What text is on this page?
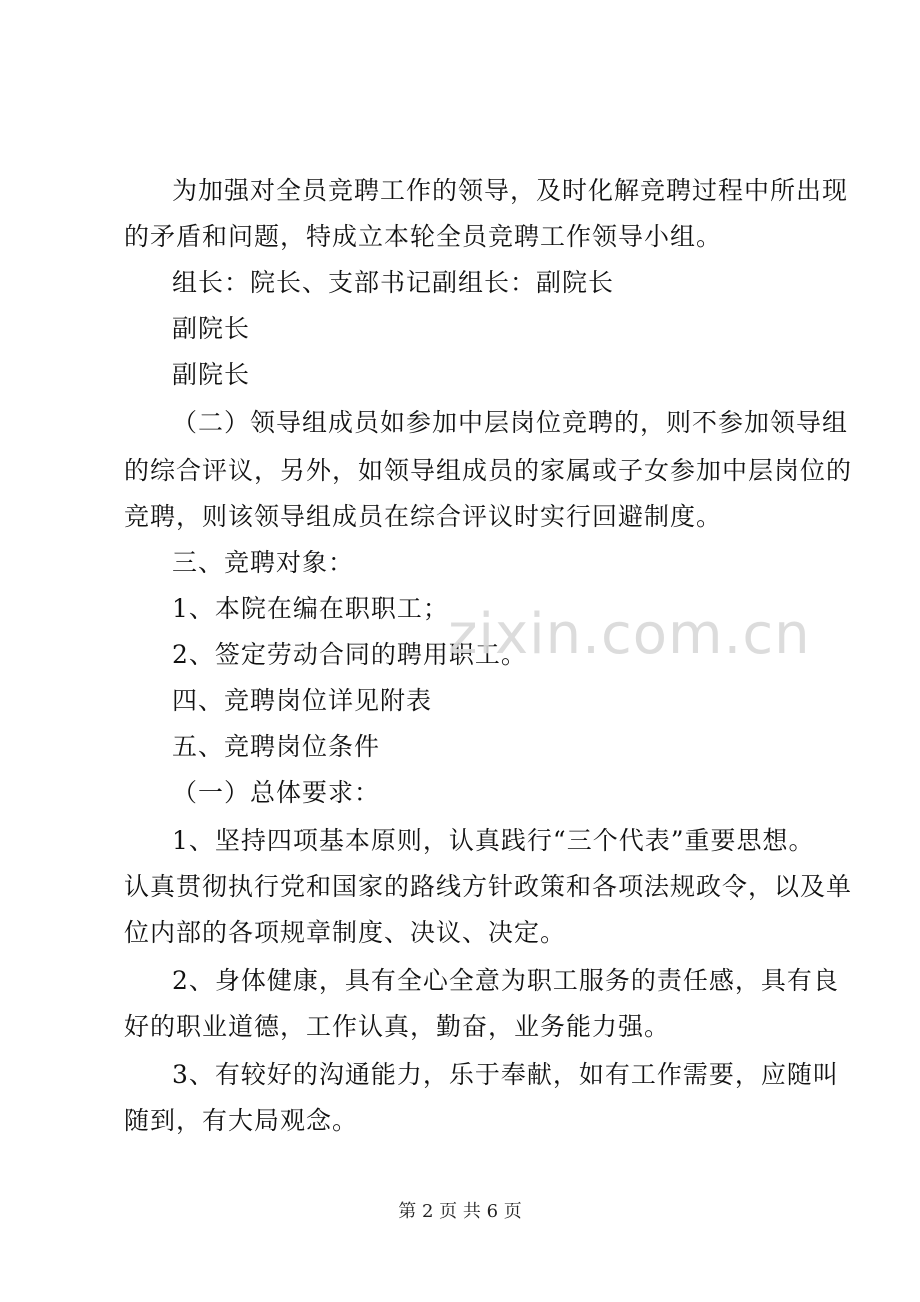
为加强对全员竞聘工作的领导，及时化解竞聘过程中所出现
的矛盾和问题，特成立本轮全员竞聘工作领导小组。
组长：院长、支部书记副组长：副院长
副院长
副院长
（二）领导组成员如参加中层岗位竞聘的，则不参加领导组
的综合评议，另外，如领导组成员的家属或子女参加中层岗位的
竞聘，则该领导组成员在综合评议时实行回避制度。
三、竞聘对象：
1、本院在编在职职工；
2、签定劳动合同的聘用职工。
四、竞聘岗位详见附表
五、竞聘岗位条件
（一）总体要求：
1、坚持四项基本原则，认真践行“三个代表”重要思想。
认真贯彻执行党和国家的路线方针政策和各项法规政令，以及单
位内部的各项规章制度、决议、决定。
2、身体健康，具有全心全意为职工服务的责任感，具有良
好的职业道德，工作认真，勤奋，业务能力强。
3、有较好的沟通能力，乐于奉献，如有工作需要，应随叫
随到，有大局观念。
zixin.com.cn
第 2 页 共 6 页
